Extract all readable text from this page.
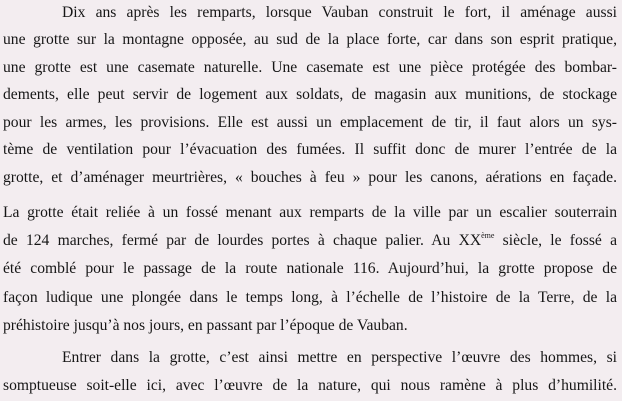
Dix ans après les remparts, lorsque Vauban construit le fort, il aménage aussi
une grotte sur la montagne opposée, au sud de la place forte, car dans son esprit pratique,
une grotte est une casemate naturelle. Une casemate est une pièce protégée des bombar-
dements, elle peut servir de logement aux soldats, de magasin aux munitions, de stockage
pour les armes, les provisions. Elle est aussi un emplacement de tir, il faut alors un sys-
tème de ventilation pour l’évacuation des fumées. Il suffit donc de murer l’entrée de la
grotte, et d’aménager meurtrières, « bouches à feu » pour les canons, aérations en façade.
La grotte était reliée à un fossé menant aux remparts de la ville par un escalier souterrain
de 124 marches, fermé par de lourdes portes à chaque palier. Au XXème siècle, le fossé a
été comblé pour le passage de la route nationale 116. Aujourd’hui, la grotte propose de
façon ludique une plongée dans le temps long, à l’échelle de l’histoire de la Terre, de la
préhistoire jusqu’à nos jours, en passant par l’époque de Vauban.
Entrer dans la grotte, c’est ainsi mettre en perspective l’œuvre des hommes, si
somptueuse soit-elle ici, avec l’œuvre de la nature, qui nous ramène à plus d’humilité.
